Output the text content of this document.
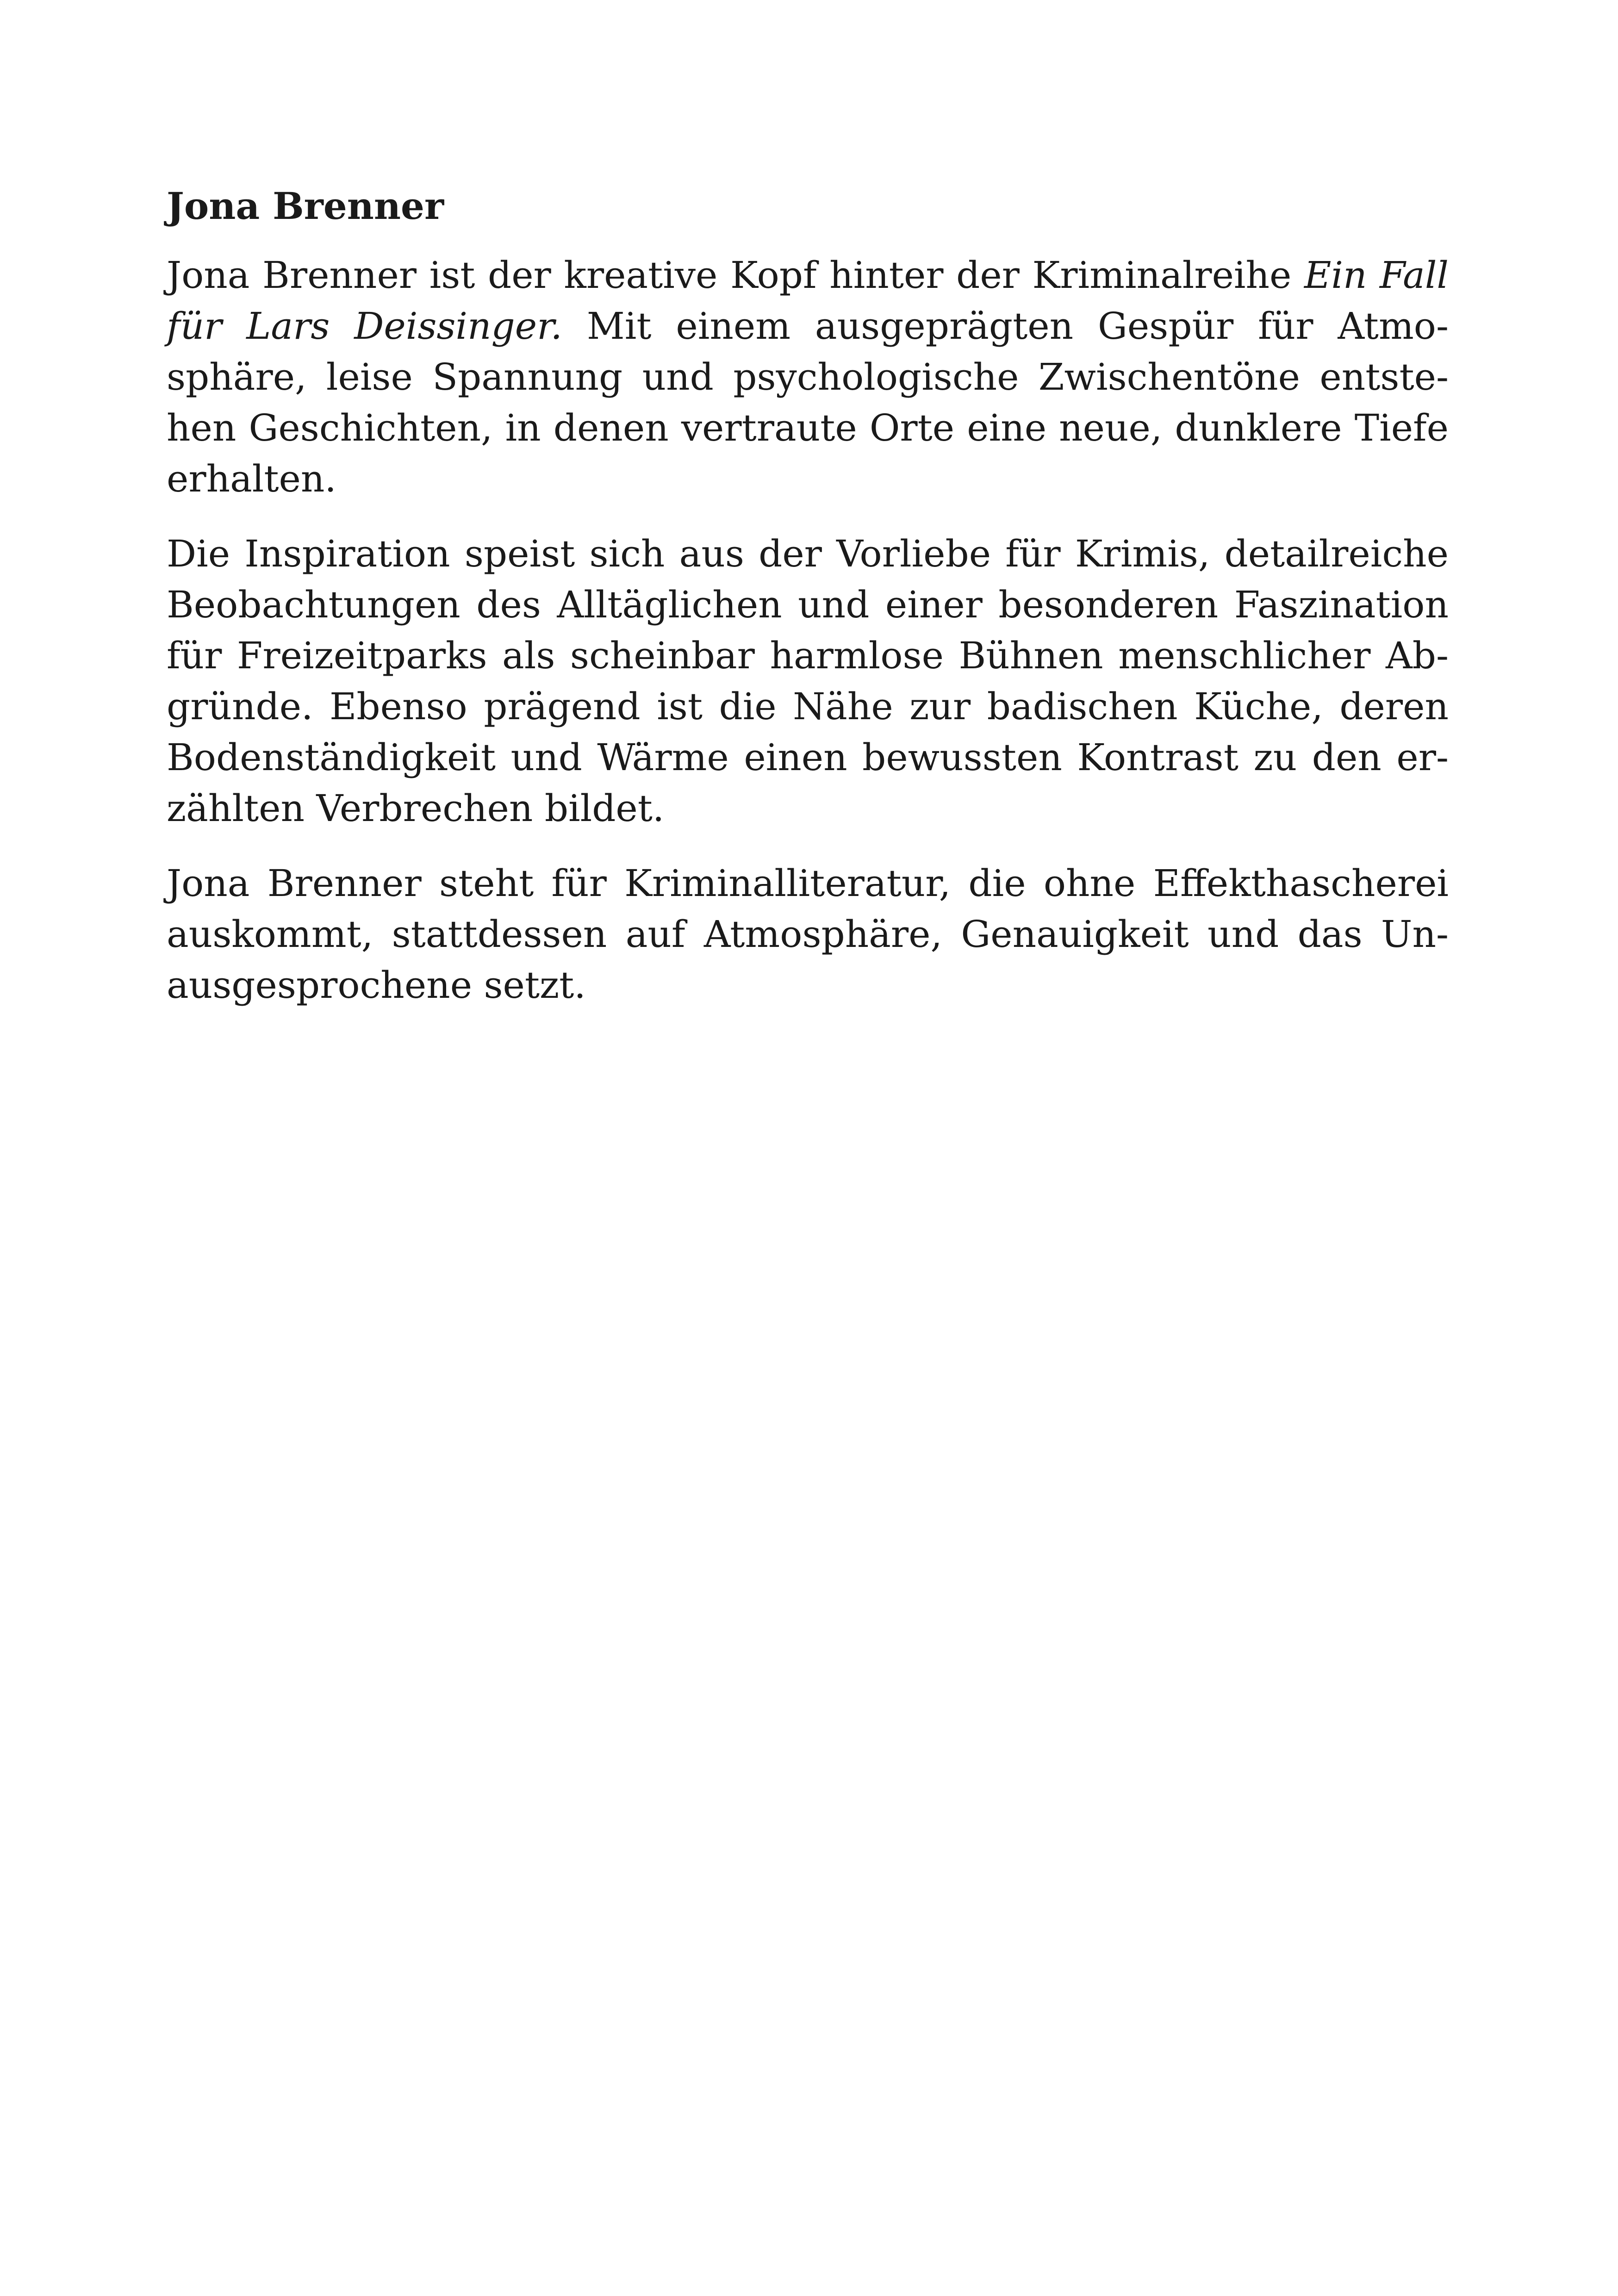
Jona Brenner
Jona Brenner ist der kreative Kopf hinter der Kriminalreihe Ein Fall
für Lars Deissinger. Mit einem ausgeprägten Gespür für Atmo-
sphäre, leise Spannung und psychologische Zwischentöne entste-
hen Geschichten, in denen vertraute Orte eine neue, dunklere Tiefe
erhalten.
Die Inspiration speist sich aus der Vorliebe für Krimis, detailreiche
Beobachtungen des Alltäglichen und einer besonderen Faszination
für Freizeitparks als scheinbar harmlose Bühnen menschlicher Ab-
gründe. Ebenso prägend ist die Nähe zur badischen Küche, deren
Bodenständigkeit und Wärme einen bewussten Kontrast zu den er-
zählten Verbrechen bildet.
Jona Brenner steht für Kriminalliteratur, die ohne Effekthascherei
auskommt, stattdessen auf Atmosphäre, Genauigkeit und das Un-
ausgesprochene setzt.
